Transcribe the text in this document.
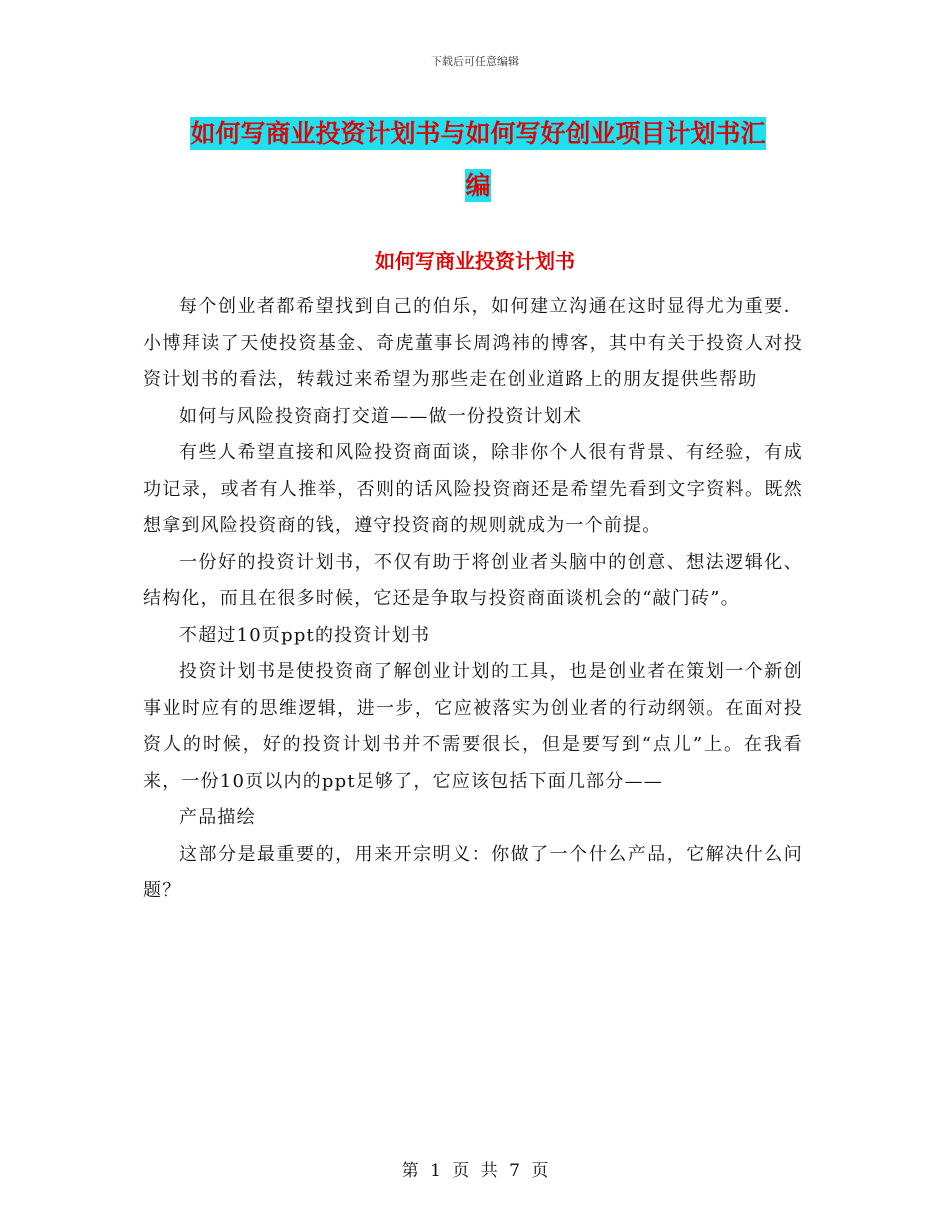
下载后可任意编辑
如何写商业投资计划书与如何写好创业项目计划书汇
编
如何写商业投资计划书

每个创业者都希望找到自己的伯乐，如何建立沟通在这时显得尤为重要．小博拜读了天使投资基金、奇虎董事长周鸿祎的博客，其中有关于投资人对投资计划书的看法，转载过来希望为那些走在创业道路上的朋友提供些帮助

如何与风险投资商打交道——做一份投资计划术

有些人希望直接和风险投资商面谈，除非你个人很有背景、有经验，有成功记录，或者有人推举，否则的话风险投资商还是希望先看到文字资料。既然想拿到风险投资商的钱，遵守投资商的规则就成为一个前提。

一份好的投资计划书，不仅有助于将创业者头脑中的创意、想法逻辑化、结构化，而且在很多时候，它还是争取与投资商面谈机会的“敲门砖”。

不超过10页ppt的投资计划书

投资计划书是使投资商了解创业计划的工具，也是创业者在策划一个新创事业时应有的思维逻辑，进一步，它应被落实为创业者的行动纲领。在面对投资人的时候，好的投资计划书并不需要很长，但是要写到“点儿”上。在我看来，一份10页以内的ppt足够了，它应该包括下面几部分——

产品描绘

这部分是最重要的，用来开宗明义：你做了一个什么产品，它解决什么问题？

第 1 页 共 7 页
